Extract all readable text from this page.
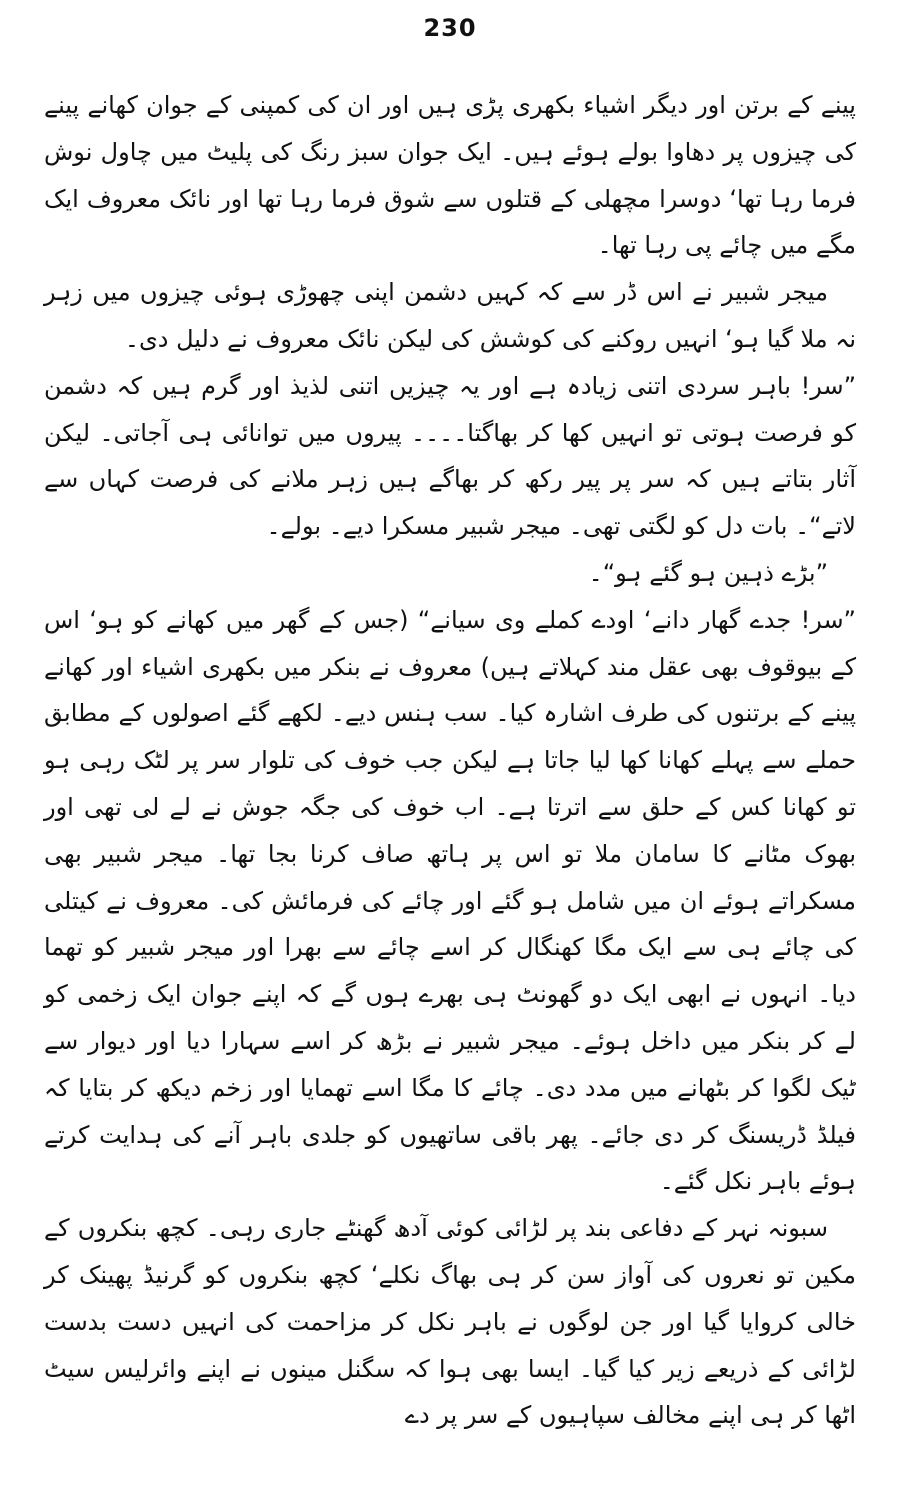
230

پینے کے برتن اور دیگر اشیاء بکھری پڑی ہیں اور ان کی کمپنی کے جوان کھانے پینے کی چیزوں پر دھاوا بولے ہوئے ہیں۔ ایک جوان سبز رنگ کی پلیٹ میں چاول نوش فرما رہا تھا‘ دوسرا مچھلی کے قتلوں سے شوق فرما رہا تھا اور نائک معروف ایک مگے میں چائے پی رہا تھا۔

میجر شبیر نے اس ڈر سے کہ کہیں دشمن اپنی چھوڑی ہوئی چیزوں میں زہر نہ ملا گیا ہو‘ انہیں روکنے کی کوشش کی لیکن نائک معروف نے دلیل دی۔

”سر! باہر سردی اتنی زیادہ ہے اور یہ چیزیں اتنی لذیذ اور گرم ہیں کہ دشمن کو فرصت ہوتی تو انہیں کھا کر بھاگتا۔۔۔۔ پیروں میں توانائی ہی آجاتی۔ لیکن آثار بتاتے ہیں کہ سر پر پیر رکھ کر بھاگے ہیں زہر ملانے کی فرصت کہاں سے لاتے“۔ بات دل کو لگتی تھی۔ میجر شبیر مسکرا دیے۔ بولے۔

”بڑے ذہین ہو گئے ہو“۔

”سر! جدے گھار دانے‘ اودے کملے وی سیانے“ (جس کے گھر میں کھانے کو ہو‘ اس کے بیوقوف بھی عقل مند کہلاتے ہیں) معروف نے بنکر میں بکھری اشیاء اور کھانے پینے کے برتنوں کی طرف اشارہ کیا۔ سب ہنس دیے۔ لکھے گئے اصولوں کے مطابق حملے سے پہلے کھانا کھا لیا جاتا ہے لیکن جب خوف کی تلوار سر پر لٹک رہی ہو تو کھانا کس کے حلق سے اترتا ہے۔ اب خوف کی جگہ جوش نے لے لی تھی اور بھوک مٹانے کا سامان ملا تو اس پر ہاتھ صاف کرنا بجا تھا۔ میجر شبیر بھی مسکراتے ہوئے ان میں شامل ہو گئے اور چائے کی فرمائش کی۔ معروف نے کیتلی کی چائے ہی سے ایک مگا کھنگال کر اسے چائے سے بھرا اور میجر شبیر کو تھما دیا۔ انہوں نے ابھی ایک دو گھونٹ ہی بھرے ہوں گے کہ اپنے جوان ایک زخمی کو لے کر بنکر میں داخل ہوئے۔ میجر شبیر نے بڑھ کر اسے سہارا دیا اور دیوار سے ٹیک لگوا کر بٹھانے میں مدد دی۔ چائے کا مگا اسے تھمایا اور زخم دیکھ کر بتایا کہ فیلڈ ڈریسنگ کر دی جائے۔ پھر باقی ساتھیوں کو جلدی باہر آنے کی ہدایت کرتے ہوئے باہر نکل گئے۔

سبونہ نہر کے دفاعی بند پر لڑائی کوئی آدھ گھنٹے جاری رہی۔ کچھ بنکروں کے مکین تو نعروں کی آواز سن کر ہی بھاگ نکلے‘ کچھ بنکروں کو گرنیڈ پھینک کر خالی کروایا گیا اور جن لوگوں نے باہر نکل کر مزاحمت کی انہیں دست بدست لڑائی کے ذریعے زیر کیا گیا۔ ایسا بھی ہوا کہ سگنل مینوں نے اپنے وائرلیس سیٹ اٹھا کر ہی اپنے مخالف سپاہیوں کے سر پر دے
